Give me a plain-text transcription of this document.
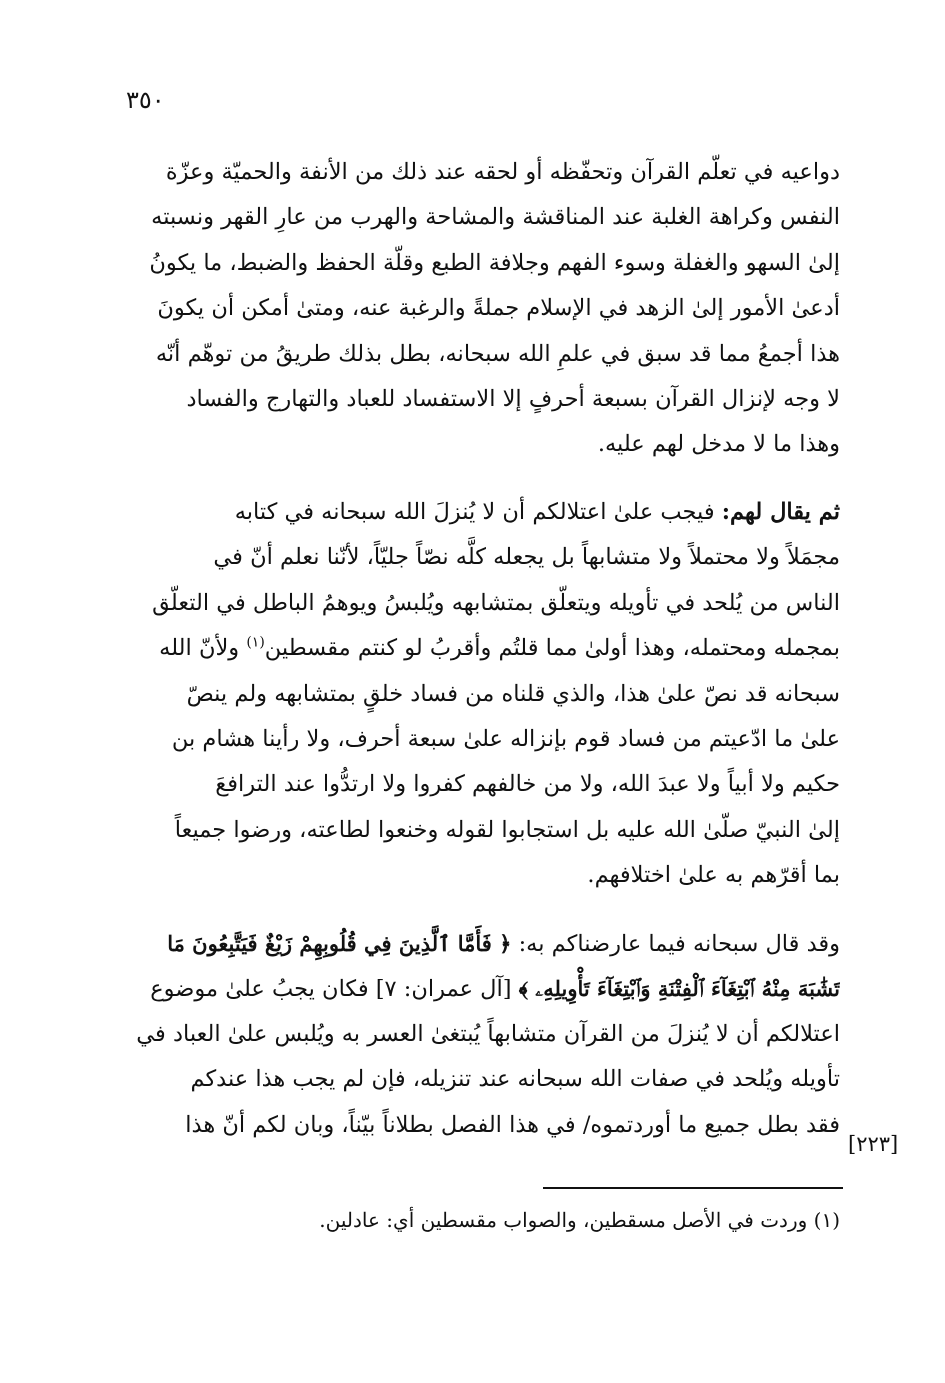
٣٥٠
دواعيه في تعلّم القرآن وتحفّظه أو لحقه عند ذلك من الأنفة والحميّة وعزّة
النفس وكراهة الغلبة عند المناقشة والمشاحة والهرب من عارِ القهر ونسبته
إلىٰ السهو والغفلة وسوء الفهم وجلافة الطبع وقلّة الحفظ والضبط، ما يكونُ
أدعىٰ الأمور إلىٰ الزهد في الإسلام جملةً والرغبة عنه، ومتىٰ أمكن أن يكونَ
هذا أجمعُ مما قد سبق في علمِ الله سبحانه، بطل بذلك طريقُ من توهّم أنّه
لا وجه لإنزال القرآن بسبعة أحرفٍ إلا الاستفساد للعباد والتهارج والفساد
وهذا ما لا مدخل لهم عليه.
ثم يقال لهم: فيجب علىٰ اعتلالكم أن لا يُنزلَ الله سبحانه في كتابه
مجمَلاً ولا محتملاً ولا متشابهاً بل يجعله كلَّه نصّاً جليّاً، لأنّنا نعلم أنّ في
الناس من يُلحد في تأويله ويتعلّق بمتشابهه ويُلبسُ ويوهمُ الباطل في التعلّق
بمجمله ومحتمله، وهذا أولىٰ مما قلتُم وأقربُ لو كنتم مقسطين$^{(١)}$ ولأنّ الله
سبحانه قد نصّ علىٰ هذا، والذي قلناه من فساد خلقٍ بمتشابهه ولم ينصّ
علىٰ ما ادّعيتم من فساد قوم بإنزاله علىٰ سبعة أحرف، ولا رأينا هشام بن
حكيم ولا أبياً ولا عبدَ الله، ولا من خالفهم كفروا ولا ارتدُّوا عند الترافعَ
إلىٰ النبيّ صلّىٰ الله عليه بل استجابوا لقوله وخنعوا لطاعته، ورضوا جميعاً
بما أقرّهم به علىٰ اختلافهم.
وقد قال سبحانه فيما عارضناكم به: ﴿ فَأَمَّا ٱلَّذِينَ فِي قُلُوبِهِمْ زَيْغٌ فَيَتَّبِعُونَ مَا
تَشَٰبَهَ مِنْهُ ٱبْتِغَآءَ ٱلْفِتْنَةِ وَٱبْتِغَآءَ تَأْوِيلِهِۦ ﴾ [آل عمران: ٧] فكان يجبُ علىٰ موضوع
اعتلالكم أن لا يُنزلَ من القرآن متشابهاً يُبتغىٰ العسر به ويُلبس علىٰ العباد في
تأويله ويُلحد في صفات الله سبحانه عند تنزيله، فإن لم يجب هذا عندكم
فقد بطل جميع ما أوردتموه/ في هذا الفصل بطلاناً بيّناً، وبان لكم أنّ هذا
[٢٢٣]
(١) وردت في الأصل مسقطين، والصواب مقسطين أي: عادلين.
